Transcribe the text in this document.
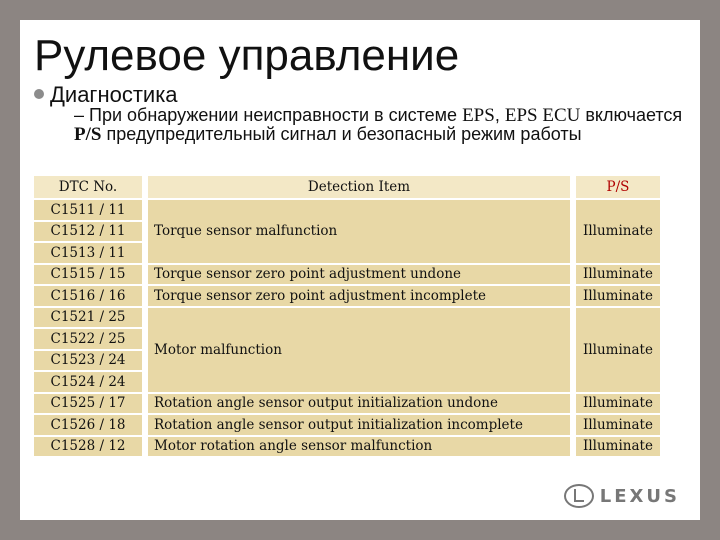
Рулевое управление
Диагностика
– При обнаружении неисправности в системе EPS, EPS ECU включается P/S предупредительный сигнал и безопасный режим работы
DTC No.		Detection Item		P/S
C1511 / 11		Torque sensor malfunction		Illuminate
C1512 / 11				
C1513 / 11				
C1515 / 15		Torque sensor zero point adjustment undone		Illuminate
C1516 / 16		Torque sensor zero point adjustment incomplete		Illuminate
C1521 / 25		Motor malfunction		Illuminate
C1522 / 25				
C1523 / 24				
C1524 / 24				
C1525 / 17		Rotation angle sensor output initialization undone		Illuminate
C1526 / 18		Rotation angle sensor output initialization incomplete		Illuminate
C1528 / 12		Motor rotation angle sensor malfunction		Illuminate
LEXUS
